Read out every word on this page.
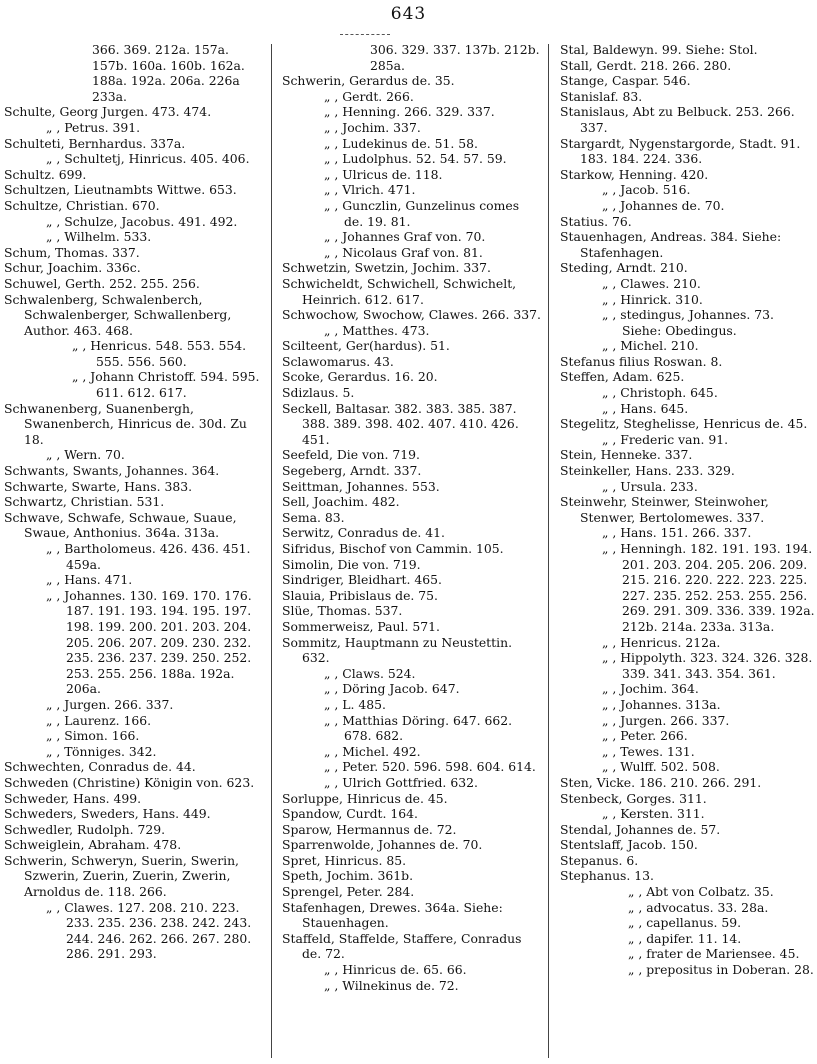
643
366. 369. 212a. 157a. 157b. 160a. 160b. 162a. 188a. 192a. 206a. 226a 233a.
Schulte, Georg Jurgen. 473. 474.
„ , Petrus. 391.
Schulteti, Bernhardus. 337a.
„ , Schultetj, Hinricus. 405. 406.
Schultz. 699.
Schultzen, Lieutnambts Wittwe. 653.
Schultze, Christian. 670.
„ , Schulze, Jacobus. 491. 492.
„ , Wilhelm. 533.
Schum, Thomas. 337.
Schur, Joachim. 336c.
Schuwel, Gerth. 252. 255. 256.
Schwalenberg, Schwalenberch, Schwalenberger, Schwallenberg, Author. 463. 468.
„ , Henricus. 548. 553. 554. 555. 556. 560.
„ , Johann Christoff. 594. 595. 611. 612. 617.
Schwanenberg, Suanenbergh, Swanenberch, Hinricus de. 30d. Zu 18.
„ , Wern. 70.
Schwants, Swants, Johannes. 364.
Schwarte, Swarte, Hans. 383.
Schwartz, Christian. 531.
Schwave, Schwafe, Schwaue, Suaue, Swaue, Anthonius. 364a. 313a.
„ , Bartholomeus. 426. 436. 451. 459a.
„ , Hans. 471.
„ , Johannes. 130. 169. 170. 176. 187. 191. 193. 194. 195. 197. 198. 199. 200. 201. 203. 204. 205. 206. 207. 209. 230. 232. 235. 236. 237. 239. 250. 252. 253. 255. 256. 188a. 192a. 206a.
„ , Jurgen. 266. 337.
„ , Laurenz. 166.
„ , Simon. 166.
„ , Tönniges. 342.
Schwechten, Conradus de. 44.
Schweden (Christine) Königin von. 623.
Schweder, Hans. 499.
Schweders, Sweders, Hans. 449.
Schwedler, Rudolph. 729.
Schweiglein, Abraham. 478.
Schwerin, Schweryn, Suerin, Swerin, Szwerin, Zuerin, Zuerin, Zwerin, Arnoldus de. 118. 266.
„ , Clawes. 127. 208. 210. 223. 233. 235. 236. 238. 242. 243. 244. 246. 262. 266. 267. 280. 286. 291. 293.
306. 329. 337. 137b. 212b. 285a.
Schwerin, Gerardus de. 35.
„ , Gerdt. 266.
„ , Henning. 266. 329. 337.
„ , Jochim. 337.
„ , Ludekinus de. 51. 58.
„ , Ludolphus. 52. 54. 57. 59.
„ , Ulricus de. 118.
„ , Vlrich. 471.
„ , Gunczlin, Gunzelinus comes de. 19. 81.
„ , Johannes Graf von. 70.
„ , Nicolaus Graf von. 81.
Schwetzin, Swetzin, Jochim. 337.
Schwicheldt, Schwichell, Schwichelt, Heinrich. 612. 617.
Schwochow, Swochow, Clawes. 266. 337.
„ , Matthes. 473.
Scilteent, Ger(hardus). 51.
Sclawomarus. 43.
Scoke, Gerardus. 16. 20.
Sdizlaus. 5.
Seckell, Baltasar. 382. 383. 385. 387. 388. 389. 398. 402. 407. 410. 426. 451.
Seefeld, Die von. 719.
Segeberg, Arndt. 337.
Seittman, Johannes. 553.
Sell, Joachim. 482.
Sema. 83.
Serwitz, Conradus de. 41.
Sifridus, Bischof von Cammin. 105.
Simolin, Die von. 719.
Sindriger, Bleidhart. 465.
Slauia, Pribislaus de. 75.
Slüe, Thomas. 537.
Sommerweisz, Paul. 571.
Sommitz, Hauptmann zu Neustettin. 632.
„ , Claws. 524.
„ , Döring Jacob. 647.
„ , L. 485.
„ , Matthias Döring. 647. 662. 678. 682.
„ , Michel. 492.
„ , Peter. 520. 596. 598. 604. 614.
„ , Ulrich Gottfried. 632.
Sorluppe, Hinricus de. 45.
Spandow, Curdt. 164.
Sparow, Hermannus de. 72.
Sparrenwolde, Johannes de. 70.
Spret, Hinricus. 85.
Speth, Jochim. 361b.
Sprengel, Peter. 284.
Stafenhagen, Drewes. 364a. Siehe: Stauenhagen.
Staffeld, Staffelde, Staffere, Conradus de. 72.
„ , Hinricus de. 65. 66.
„ , Wilnekinus de. 72.
Stal, Baldewyn. 99. Siehe: Stol.
Stall, Gerdt. 218. 266. 280.
Stange, Caspar. 546.
Stanislaf. 83.
Stanislaus, Abt zu Belbuck. 253. 266. 337.
Stargardt, Nygenstargorde, Stadt. 91. 183. 184. 224. 336.
Starkow, Henning. 420.
„ , Jacob. 516.
„ , Johannes de. 70.
Statius. 76.
Stauenhagen, Andreas. 384. Siehe: Stafenhagen.
Steding, Arndt. 210.
„ , Clawes. 210.
„ , Hinrick. 310.
„ , stedingus, Johannes. 73. Siehe: Obedingus.
„ , Michel. 210.
Stefanus filius Roswan. 8.
Steffen, Adam. 625.
„ , Christoph. 645.
„ , Hans. 645.
Stegelitz, Steghelisse, Henricus de. 45.
„ , Frederic van. 91.
Stein, Henneke. 337.
Steinkeller, Hans. 233. 329.
„ , Ursula. 233.
Steinwehr, Steinwer, Steinwoher, Stenwer, Bertolomewes. 337.
„ , Hans. 151. 266. 337.
„ , Henningh. 182. 191. 193. 194. 201. 203. 204. 205. 206. 209. 215. 216. 220. 222. 223. 225. 227. 235. 252. 253. 255. 256. 269. 291. 309. 336. 339. 192a. 212b. 214a. 233a. 313a.
„ , Henricus. 212a.
„ , Hippolyth. 323. 324. 326. 328. 339. 341. 343. 354. 361.
„ , Jochim. 364.
„ , Johannes. 313a.
„ , Jurgen. 266. 337.
„ , Peter. 266.
„ , Tewes. 131.
„ , Wulff. 502. 508.
Sten, Vicke. 186. 210. 266. 291.
Stenbeck, Gorges. 311.
„ , Kersten. 311.
Stendal, Johannes de. 57.
Stentslaff, Jacob. 150.
Stepanus. 6.
Stephanus. 13.
„ , Abt von Colbatz. 35.
„ , advocatus. 33. 28a.
„ , capellanus. 59.
„ , dapifer. 11. 14.
„ , frater de Mariensee. 45.
„ , prepositus in Doberan. 28.
